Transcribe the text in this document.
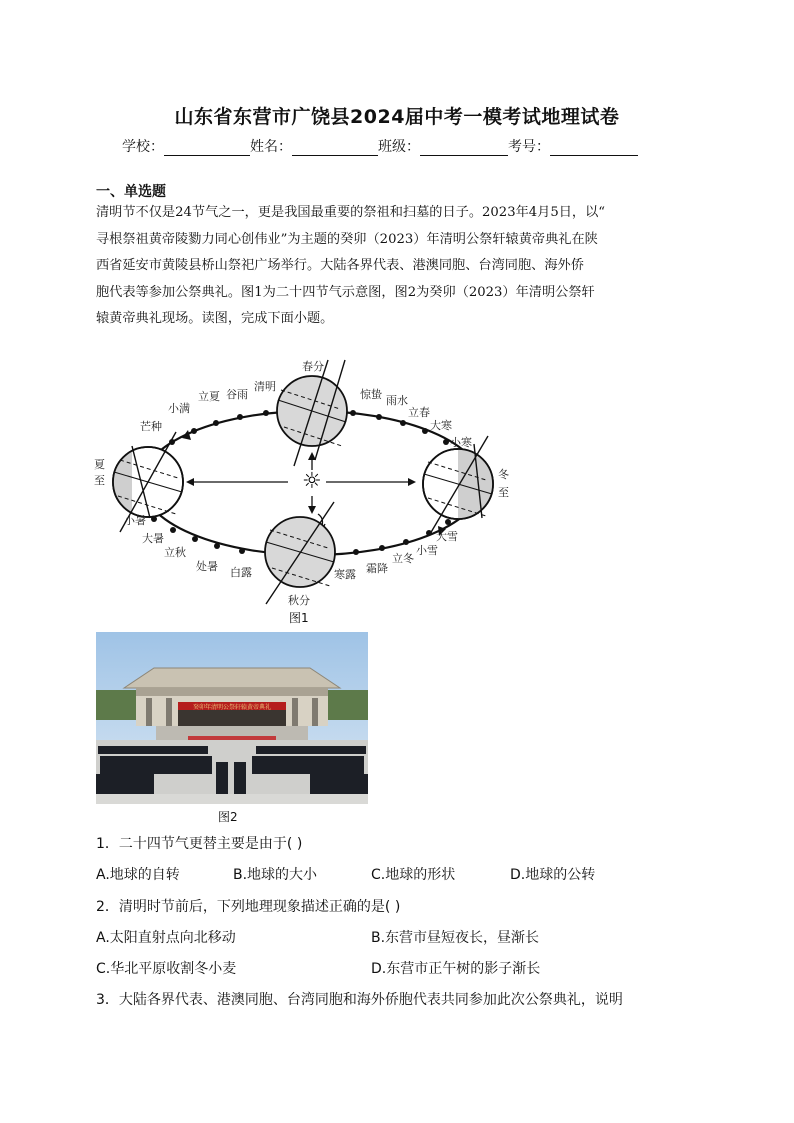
山东省东营市广饶县2024届中考一模考试地理试卷
学校：	姓名：	班级：	考号：
一、单选题
清明节不仅是24节气之一，更是我国最重要的祭祖和扫墓的日子。2023年4月5日，以“
寻根祭祖黄帝陵勠力同心创伟业”为主题的癸卯（2023）年清明公祭轩辕黄帝典礼在陕
西省延安市黄陵县桥山祭祀广场举行。大陆各界代表、港澳同胞、台湾同胞、海外侨
胞代表等参加公祭典礼。图1为二十四节气示意图，图2为癸卯（2023）年清明公祭轩
辕黄帝典礼现场。读图，完成下面小题。
☼
春分
惊蛰 雨水
立春
大寒
小寒
清明
谷雨
立夏
小满
芒种
夏
至
小暑
大暑
立秋
处暑 白露
秋分
寒露 霜降
立冬
小雪
大雪
冬
至
图1
癸卯年清明公祭轩辕黄帝典礼
图2
1．二十四节气更替主要是由于( )
A.地球的自转	B.地球的大小	C.地球的形状	D.地球的公转
2．清明时节前后，下列地理现象描述正确的是( )
A.太阳直射点向北移动	B.东营市昼短夜长，昼渐长
C.华北平原收割冬小麦	D.东营市正午树的影子渐长
3．大陆各界代表、港澳同胞、台湾同胞和海外侨胞代表共同参加此次公祭典礼，说明
